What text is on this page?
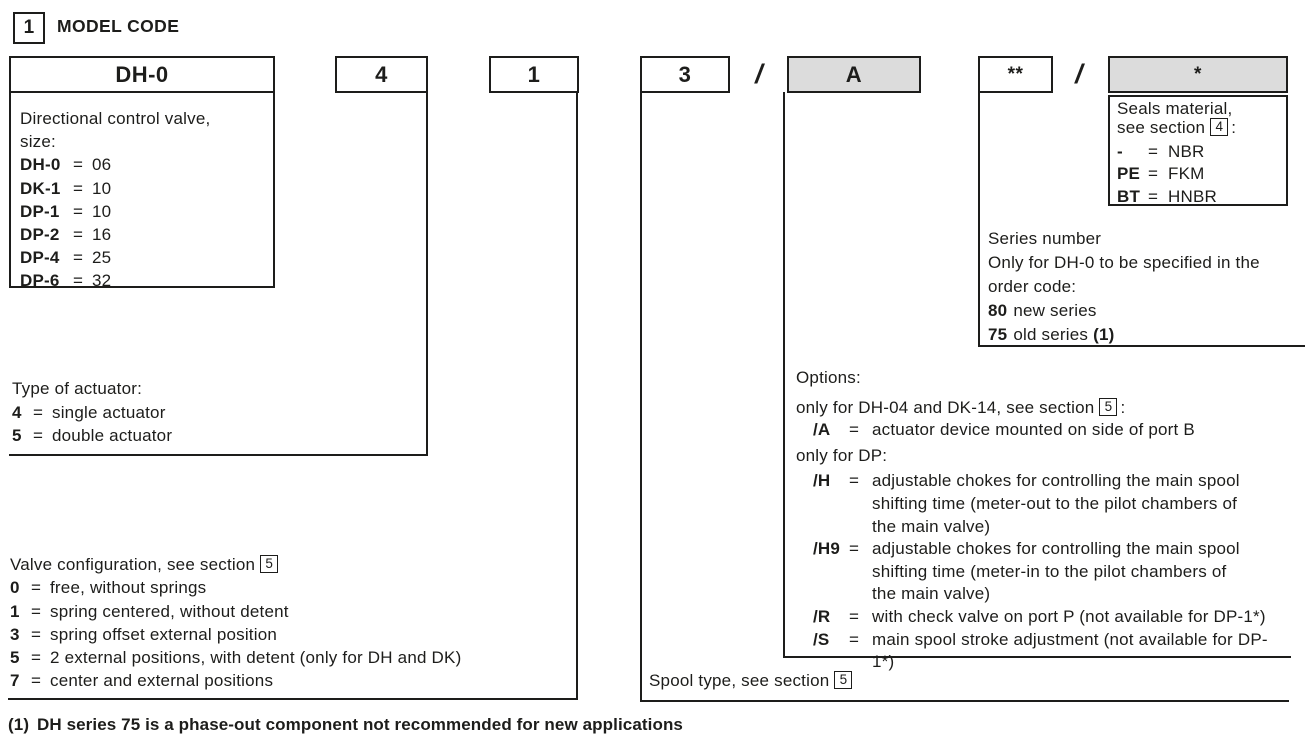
1 MODEL CODE
DH-0	4	1	3	/	A	**	/	*
Directional control valve,
size:
DH-0 = 06
DK-1 = 10
DP-1 = 10
DP-2 = 16
DP-4 = 25
DP-6 = 32
Type of actuator:
4 = single actuator
5 = double actuator
Valve configuration, see section 5
0 = free, without springs
1 = spring centered, without detent
3 = spring offset external position
5 = 2 external positions, with detent (only for DH and DK)
7 = center and external positions	Spool type, see section 5
Options:
only for DH-04 and DK-14, see section 5 :
/A	= actuator device mounted on side of port B
only for DP:
/H	= adjustable chokes for controlling the main spool
shifting time (meter-out to the pilot chambers of
the main valve)
/H9 = adjustable chokes for controlling the main spool
shifting time (meter-in to the pilot chambers of
the main valve)
/R	= with check valve on port P (not available for DP-1*)
/S	= main spool stroke adjustment (not available for DP-1*)
Series number
Only for DH-0 to be specified in the
order code:
80 new series
75 old series (1)
Seals material,
see section 4 :
-	= NBR
PE = FKM
BT = HNBR
(1) DH series 75 is a phase-out component not recommended for new applications
